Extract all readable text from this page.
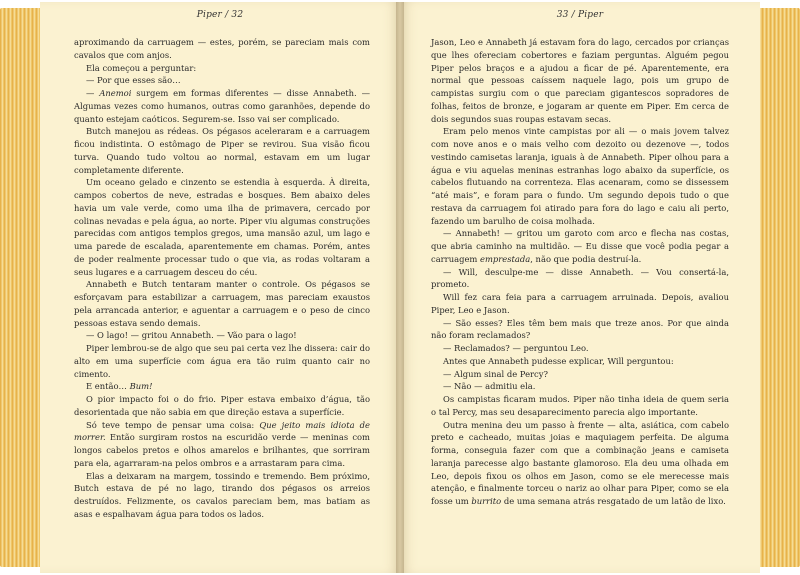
Piper / 32

aproximando da carruagem — estes, porém, se pareciam mais com cavalos que com anjos.

Ela começou a perguntar:

— Por que esses são…

— Anemoi surgem em formas diferentes — disse Annabeth. — Algumas vezes como humanos, outras como garanhões, depende do quanto estejam caóticos. Segurem-se. Isso vai ser complicado.

Butch manejou as rédeas. Os pégasos aceleraram e a carruagem ficou indistinta. O estômago de Piper se revirou. Sua visão ficou turva. Quando tudo voltou ao normal, estavam em um lugar completamente diferente.

Um oceano gelado e cinzento se estendia à esquerda. À direita, campos cobertos de neve, estradas e bosques. Bem abaixo deles havia um vale verde, como uma ilha de primavera, cercado por colinas nevadas e pela água, ao norte. Piper viu algumas construções parecidas com antigos templos gregos, uma mansão azul, um lago e uma parede de escalada, aparentemente em chamas. Porém, antes de poder realmente processar tudo o que via, as rodas voltaram a seus lugares e a carruagem desceu do céu.

Annabeth e Butch tentaram manter o controle. Os pégasos se esforçavam para estabilizar a carruagem, mas pareciam exaustos pela arrancada anterior, e aguentar a carruagem e o peso de cinco pessoas estava sendo demais.

— O lago! — gritou Annabeth. — Vão para o lago!

Piper lembrou-se de algo que seu pai certa vez lhe dissera: cair do alto em uma superfície com água era tão ruim quanto cair no cimento.

E então… Bum!

O pior impacto foi o do frio. Piper estava embaixo d’água, tão desorientada que não sabia em que direção estava a superfície.

Só teve tempo de pensar uma coisa: Que jeito mais idiota de morrer. Então surgiram rostos na escuridão verde — meninas com longos cabelos pretos e olhos amarelos e brilhantes, que sorriram para ela, agarraram-na pelos ombros e a arrastaram para cima.

Elas a deixaram na margem, tossindo e tremendo. Bem próximo, Butch estava de pé no lago, tirando dos pégasos os arreios destruídos. Felizmente, os cavalos pareciam bem, mas batiam as asas e espalhavam água para todos os lados.

33 / Piper

Jason, Leo e Annabeth já estavam fora do lago, cercados por crianças que lhes ofereciam cobertores e faziam perguntas. Alguém pegou Piper pelos braços e a ajudou a ficar de pé. Aparentemente, era normal que pessoas caíssem naquele lago, pois um grupo de campistas surgiu com o que pareciam gigantescos sopradores de folhas, feitos de bronze, e jogaram ar quente em Piper. Em cerca de dois segundos suas roupas estavam secas.

Eram pelo menos vinte campistas por ali — o mais jovem talvez com nove anos e o mais velho com dezoito ou dezenove —, todos vestindo camisetas laranja, iguais à de Annabeth. Piper olhou para a água e viu aquelas meninas estranhas logo abaixo da superfície, os cabelos flutuando na correnteza. Elas acenaram, como se dissessem “até mais”, e foram para o fundo. Um segundo depois tudo o que restava da carruagem foi atirado para fora do lago e caiu ali perto, fazendo um barulho de coisa molhada.

— Annabeth! — gritou um garoto com arco e flecha nas costas, que abria caminho na multidão. — Eu disse que você podia pegar a carruagem emprestada, não que podia destruí-la.

— Will, desculpe-me — disse Annabeth. — Vou consertá-la, prometo.

Will fez cara feia para a carruagem arruinada. Depois, avaliou Piper, Leo e Jason.

— São esses? Eles têm bem mais que treze anos. Por que ainda não foram reclamados?

— Reclamados? — perguntou Leo.

Antes que Annabeth pudesse explicar, Will perguntou:

— Algum sinal de Percy?

— Não — admitiu ela.

Os campistas ficaram mudos. Piper não tinha ideia de quem seria o tal Percy, mas seu desaparecimento parecia algo importante.

Outra menina deu um passo à frente — alta, asiática, com cabelo preto e cacheado, muitas joias e maquiagem perfeita. De alguma forma, conseguia fazer com que a combinação jeans e camiseta laranja parecesse algo bastante glamoroso. Ela deu uma olhada em Leo, depois fixou os olhos em Jason, como se ele merecesse mais atenção, e finalmente torceu o nariz ao olhar para Piper, como se ela fosse um burrito de uma semana atrás resgatado de um latão de lixo.
